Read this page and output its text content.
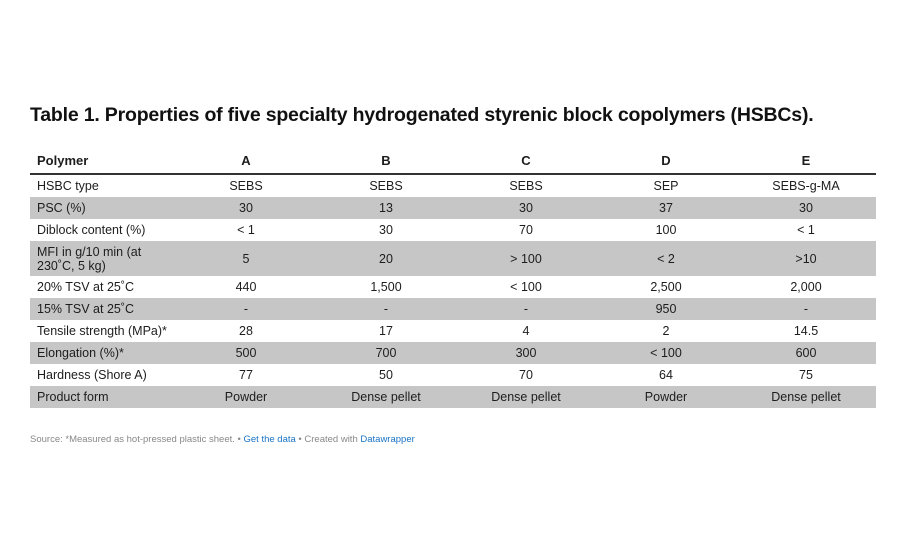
Table 1. Properties of five specialty hydrogenated styrenic block copolymers (HSBCs).
Polymer	A	B	C	D	E
HSBC type	SEBS	SEBS	SEBS	SEP	SEBS-g-MA
PSC (%)	30	13	30	37	30
Diblock content (%)	< 1	30	70	100	< 1
MFI in g/10 min (at 230˚C, 5 kg)	5	20	> 100	< 2	>10
20% TSV at 25˚C	440	1,500	< 100	2,500	2,000
15% TSV at 25˚C	-	-	-	950	-
Tensile strength (MPa)*	28	17	4	2	14.5
Elongation (%)*	500	700	300	< 100	600
Hardness (Shore A)	77	50	70	64	75
Product form	Powder	Dense pellet	Dense pellet	Powder	Dense pellet
Source: *Measured as hot-pressed plastic sheet. • Get the data • Created with Datawrapper
